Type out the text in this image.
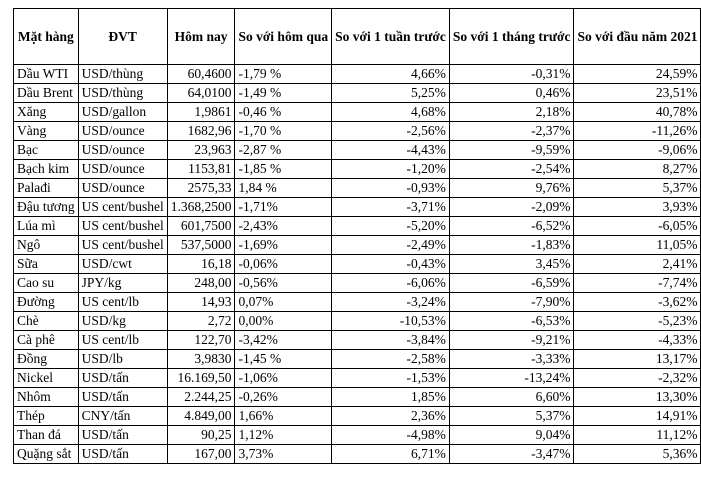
Mặt hàng	ĐVT	Hôm nay	So với hôm qua	So với 1 tuần trước	So với 1 tháng trước	So với đầu năm 2021
Dầu WTI	USD/thùng	60,4600	-1,79 %	4,66%	-0,31%	24,59%
Dầu Brent	USD/thùng	64,0100	-1,49 %	5,25%	0,46%	23,51%
Xăng	USD/gallon	1,9861	-0,46 %	4,68%	2,18%	40,78%
Vàng	USD/ounce	1682,96	-1,70 %	-2,56%	-2,37%	-11,26%
Bạc	USD/ounce	23,963	-2,87 %	-4,43%	-9,59%	-9,06%
Bạch kim	USD/ounce	1153,81	-1,85 %	-1,20%	-2,54%	8,27%
Palađi	USD/ounce	2575,33	1,84 %	-0,93%	9,76%	5,37%
Đậu tương	US cent/bushel	1.368,2500	-1,71%	-3,71%	-2,09%	3,93%
Lúa mì	US cent/bushel	601,7500	-2,43%	-5,20%	-6,52%	-6,05%
Ngô	US cent/bushel	537,5000	-1,69%	-2,49%	-1,83%	11,05%
Sữa	USD/cwt	16,18	-0,06%	-0,43%	3,45%	2,41%
Cao su	JPY/kg	248,00	-0,56%	-6,06%	-6,59%	-7,74%
Đường	US cent/lb	14,93	0,07%	-3,24%	-7,90%	-3,62%
Chè	USD/kg	2,72	0,00%	-10,53%	-6,53%	-5,23%
Cà phê	US cent/lb	122,70	-3,42%	-3,84%	-9,21%	-4,33%
Đồng	USD/lb	3,9830	-1,45 %	-2,58%	-3,33%	13,17%
Nickel	USD/tấn	16.169,50	-1,06%	-1,53%	-13,24%	-2,32%
Nhôm	USD/tấn	2.244,25	-0,26%	1,85%	6,60%	13,30%
Thép	CNY/tấn	4.849,00	1,66%	2,36%	5,37%	14,91%
Than đá	USD/tấn	90,25	1,12%	-4,98%	9,04%	11,12%
Quặng sắt	USD/tấn	167,00	3,73%	6,71%	-3,47%	5,36%
